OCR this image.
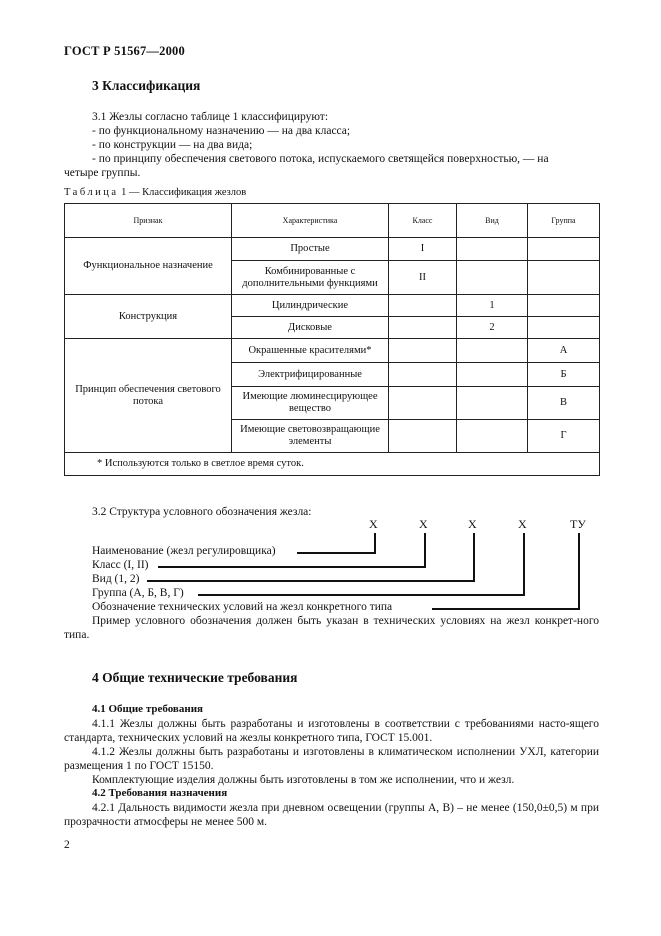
ГОСТ Р 51567—2000
3 Классификация
3.1 Жезлы согласно таблице 1 классифицируют:
- по функциональному назначению — на два класса;
- по конструкции — на два вида;
- по принципу обеспечения светового потока, испускаемого светящейся поверхностью, — на
четыре группы.
Таблица 1 — Классификация жезлов
Признак	Характеристика	Класс	Вид	Группа
Функциональное назначение	Простые	I		
	Комбинированные с дополнительными функциями	II		
Конструкция	Цилиндрические		1	
	Дисковые		2	
Принцип обеспечения светового потока	Окрашенные красителями*			А
	Электрифицированные			Б
	Имеющие люминесцирующее вещество			В
	Имеющие световозвращающие элементы			Г
* Используются только в светлое время суток.				
3.2 Структура условного обозначения жезла:
Х	Х	Х	Х	ТУ
Наименование (жезл регулировщика)
Класс (I, II)
Вид (1, 2)
Группа (А, Б, В, Г)
Обозначение технических условий на жезл конкретного типа
Пример условного обозначения должен быть указан в технических условиях на жезл конкрет-ного типа.
4 Общие технические требования
4.1 Общие требования
4.1.1 Жезлы должны быть разработаны и изготовлены в соответствии с требованиями насто-ящего стандарта, технических условий на жезлы конкретного типа, ГОСТ 15.001.
4.1.2 Жезлы должны быть разработаны и изготовлены в климатическом исполнении УХЛ, категории размещения 1 по ГОСТ 15150.
Комплектующие изделия должны быть изготовлены в том же исполнении, что и жезл.
4.2 Требования назначения
4.2.1 Дальность видимости жезла при дневном освещении (группы А, В) – не менее (150,0±0,5) м при прозрачности атмосферы не менее 500 м.
2
